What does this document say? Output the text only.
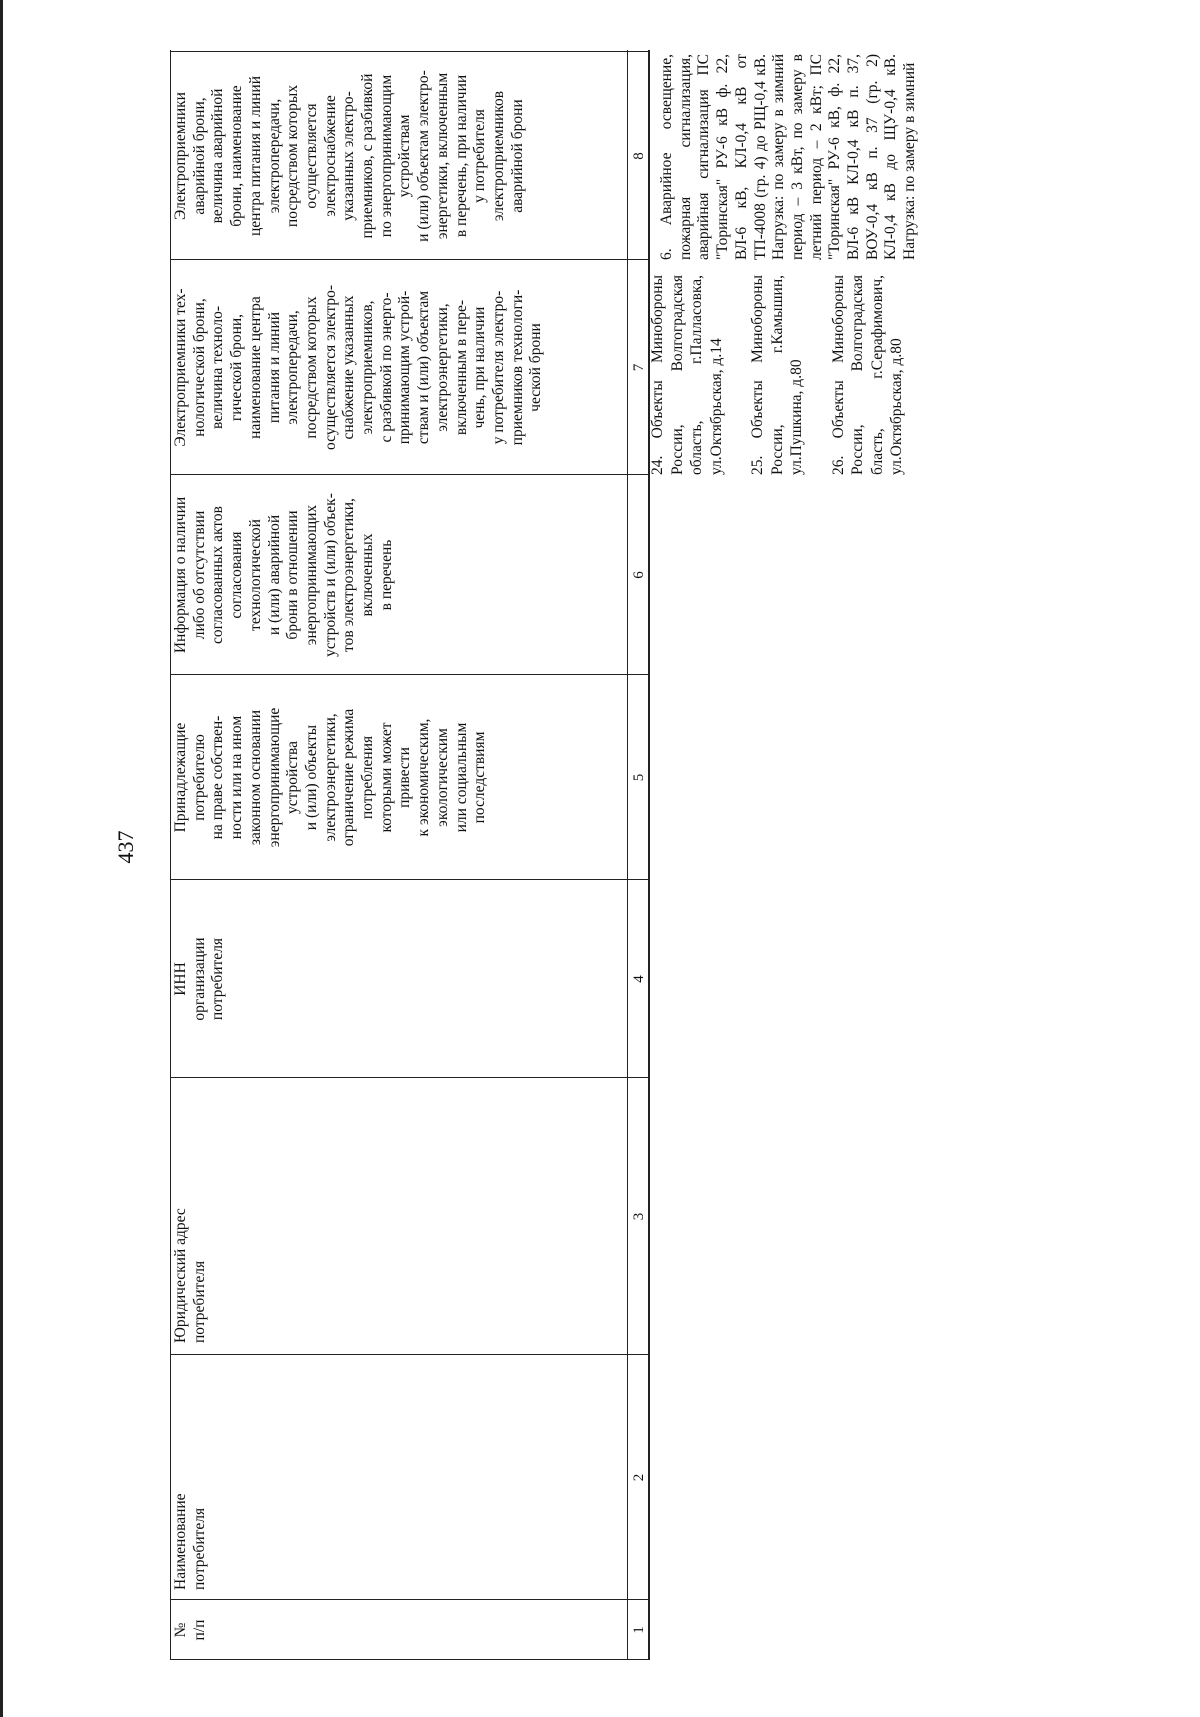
437
№
п/п
Наименование
потребителя
Юридический адрес
потребителя
ИНН
организации
потребителя
Принадлежащие
потребителю
на праве собствен-
ности или на ином
законном основании
энергопринимающие
устройства
и (или) объекты
электроэнергетики,
ограничение режима
потребления
которыми может
привести
к экономическим,
экологическим
или социальным
последствиям
Информация о наличии
либо об отсутствии
согласованных актов
согласования
технологической
и (или) аварийной
брони в отношении
энергопринимающих
устройств и (или) объек-
тов электроэнергетики,
включенных
в перечень
Электроприемники тех-
нологической брони,
величина техноло-
гической брони,
наименование центра
питания и линий
электропередачи,
посредством которых
осуществляется электро-
снабжение указанных
электроприемников,
с разбивкой по энерго-
принимающим устрой-
ствам и (или) объектам
электроэнергетики,
включенным в пере-
чень, при наличии
у потребителя электро-
приемников технологи-
ческой брони
Электроприемники
аварийной брони,
величина аварийной
брони, наименование
центра питания и линий
электропередачи,
посредством которых
осуществляется
электроснабжение
указанных электро-
приемников, с разбивкой
по энергопринимающим
устройствам
и (или) объектам электро-
энергетики, включенным
в перечень, при наличии
у потребителя
электроприемников
аварийной брони
1
2
3
4
5
6
7
8
24. Объекты Минобороны России, Волгоградская область, г.Палласовка, ул.Октябрьская, д.14 25. Объекты Минобороны России, г.Камышин, ул.Пушкина, д.80 26. Объекты Минобороны России, Волгоградская бласть, г.Серафимович, ул.Октябрьская, д.80
6. Аварийное освещение, пожарная сигнализация, аварийная сигнализация ПС "Торинская" РУ-6 кВ ф. 22, ВЛ-6 кВ, КЛ-0,4 кВ от ТП-4008 (гр. 4) до РЩ-0,4 кВ. Нагрузка: по замеру в зимний период – 3 кВт, по замеру в летний период – 2 кВт; ПС "Торинская" РУ-6 кВ, ф. 22, ВЛ-6 кВ КЛ-0,4 кВ п. 37, ВОУ-0,4 кВ п. 37 (гр. 2) КЛ-0,4 кВ до ЩУ-0,4 кВ. Нагрузка: по замеру в зимний
